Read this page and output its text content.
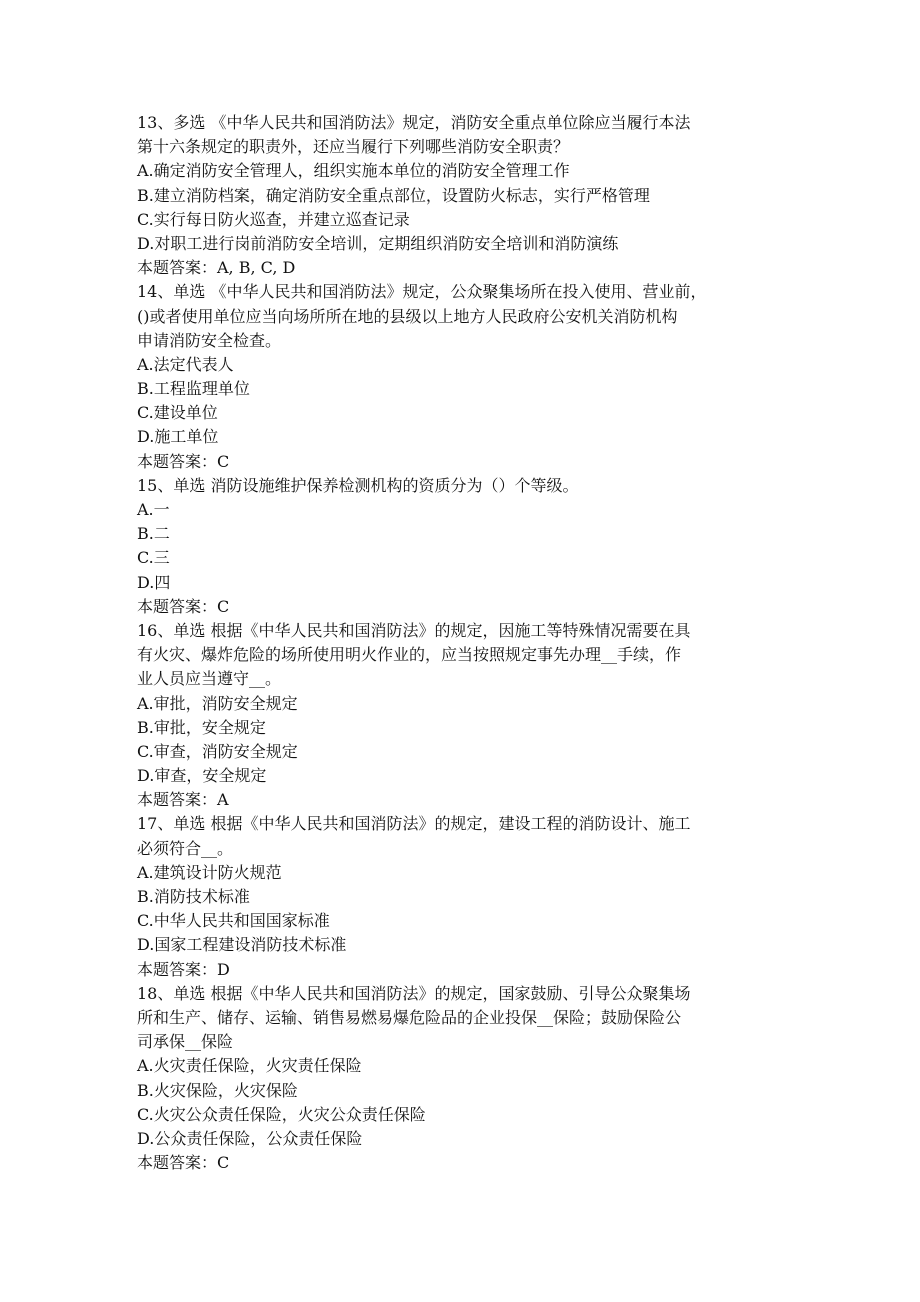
13、多选 《中华人民共和国消防法》规定，消防安全重点单位除应当履行本法
第十六条规定的职责外，还应当履行下列哪些消防安全职责？
A.确定消防安全管理人，组织实施本单位的消防安全管理工作
B.建立消防档案，确定消防安全重点部位，设置防火标志，实行严格管理
C.实行每日防火巡查，并建立巡查记录
D.对职工进行岗前消防安全培训，定期组织消防安全培训和消防演练
本题答案：A, B, C, D
14、单选 《中华人民共和国消防法》规定，公众聚集场所在投入使用、营业前，
()或者使用单位应当向场所所在地的县级以上地方人民政府公安机关消防机构
申请消防安全检查。
A.法定代表人
B.工程监理单位
C.建设单位
D.施工单位
本题答案：C
15、单选 消防设施维护保养检测机构的资质分为（）个等级。
A.一
B.二
C.三
D.四
本题答案：C
16、单选 根据《中华人民共和国消防法》的规定，因施工等特殊情况需要在具
有火灾、爆炸危险的场所使用明火作业的，应当按照规定事先办理__手续，作
业人员应当遵守__。
A.审批，消防安全规定
B.审批，安全规定
C.审查，消防安全规定
D.审查，安全规定
本题答案：A
17、单选 根据《中华人民共和国消防法》的规定，建设工程的消防设计、施工
必须符合__。
A.建筑设计防火规范
B.消防技术标准
C.中华人民共和国国家标准
D.国家工程建设消防技术标准
本题答案：D
18、单选 根据《中华人民共和国消防法》的规定，国家鼓励、引导公众聚集场
所和生产、储存、运输、销售易燃易爆危险品的企业投保__保险；鼓励保险公
司承保__保险
A.火灾责任保险，火灾责任保险
B.火灾保险，火灾保险
C.火灾公众责任保险，火灾公众责任保险
D.公众责任保险，公众责任保险
本题答案：C
